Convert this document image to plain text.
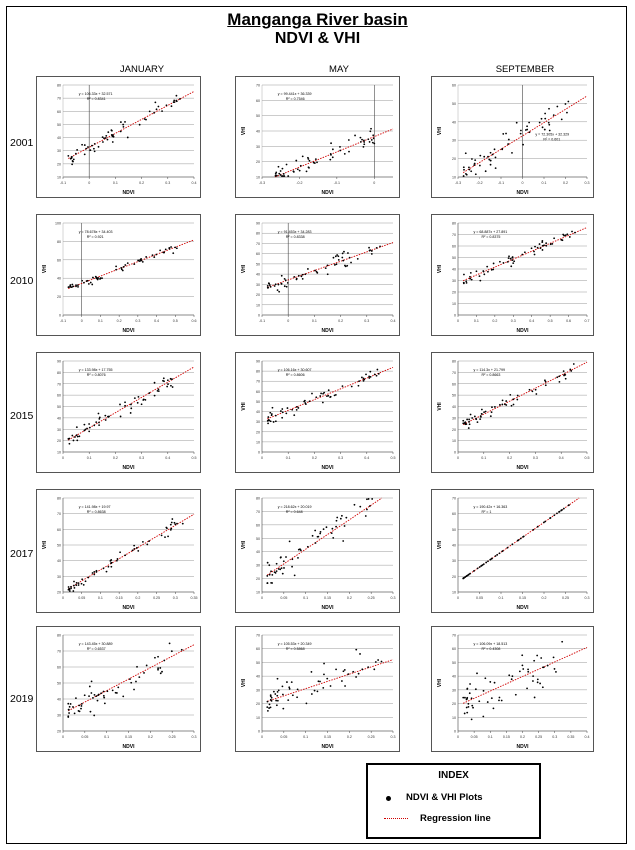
Manganga River basin
NDVI & VHI
JANUARY	MAY	SEPTEMBER
2001
2010
2015
2017
2019
10
20
30
40
50
60
70
80
-0.1	0	0.1	0.2	0.3	0.4
NDVI
y = 106.33x + 32.571
R² = 0.8341
10
20
30
40
50
60
70
-0.3	-0.2	-0.1	0
NDVI
VHI
y = 99.441x + 36.339
R² = 0.7546
10
20
30
40
50
60
-0.3	-0.2	-0.1	0	0.1	0.2	0.3
NDVI
VHI	y = 72.305x + 32.329
R² = 0.601
0
20
40
60
80
100
-0.1	0	0.1	0.2	0.3	0.4	0.5	0.6
NDVI
VHI
y = 78.678x + 34.403
R² = 0.921
0
10
20
30
40
50
60
70
80
90
-0.1	0	0.1	0.2	0.3	0.4
NDVI
VHI
y = 91.453x + 34.283
R² = 0.8338
0
10
20
30
40
50
60
70
80
0	0.1	0.2	0.3	0.4	0.5	0.6	0.7
NDVI
VHI
y = 68.887x + 27.891
R² = 0.8375
10
20
30
40
50
60
70
80
90
0	0.1	0.2	0.3	0.4	0.5
NDVI
y = 133.98x + 17.755
R² = 0.8076
0
10
20
30
40
50
60
70
80
90
0	0.1	0.2	0.3	0.4	0.5
NDVI
VHI
y = 106.16x + 30.607
R² = 0.8606
0
10
20
30
40
50
60
70
80
0	0.1	0.2	0.3	0.4	0.5
NDVI
VHI
y = 114.3x + 21.799
R² = 0.8663
20
30
40
50
60
70
80
0	0.05	0.1	0.15	0.2	0.25	0.3	0.35
NDVI
VHI
y = 141.98x + 19.97
R² = 0.8638
10
20
30
40
50
60
70
80
0	0.05	0.1	0.15	0.2	0.25	0.3
NDVI
VHI
y = 218.62x + 20.019
R² = 0.648
10
20
30
40
50
60
70
0	0.05	0.1	0.15	0.2	0.25	0.3
NDVI
VHI
y = 190.42x + 16.363
R² = 1
20
30
40
50
60
70
80
0	0.05	0.1	0.15	0.2	0.25	0.3
NDVI
y = 143.45x + 30.889
R² = 0.6537
0
10
20
30
40
50
60
70
0	0.05	0.1	0.15	0.2	0.25	0.3
NDVI
VHI
y = 105.53x + 20.349
R² = 0.5868
0
10
20
30
40
50
60
70
0	0.05	0.1	0.15	0.2	0.25	0.3	0.35	0.4
NDVI
VHI
y = 106.09x + 18.513
R² = 0.4308
INDEX
NDVI & VHI Plots
Regression line
